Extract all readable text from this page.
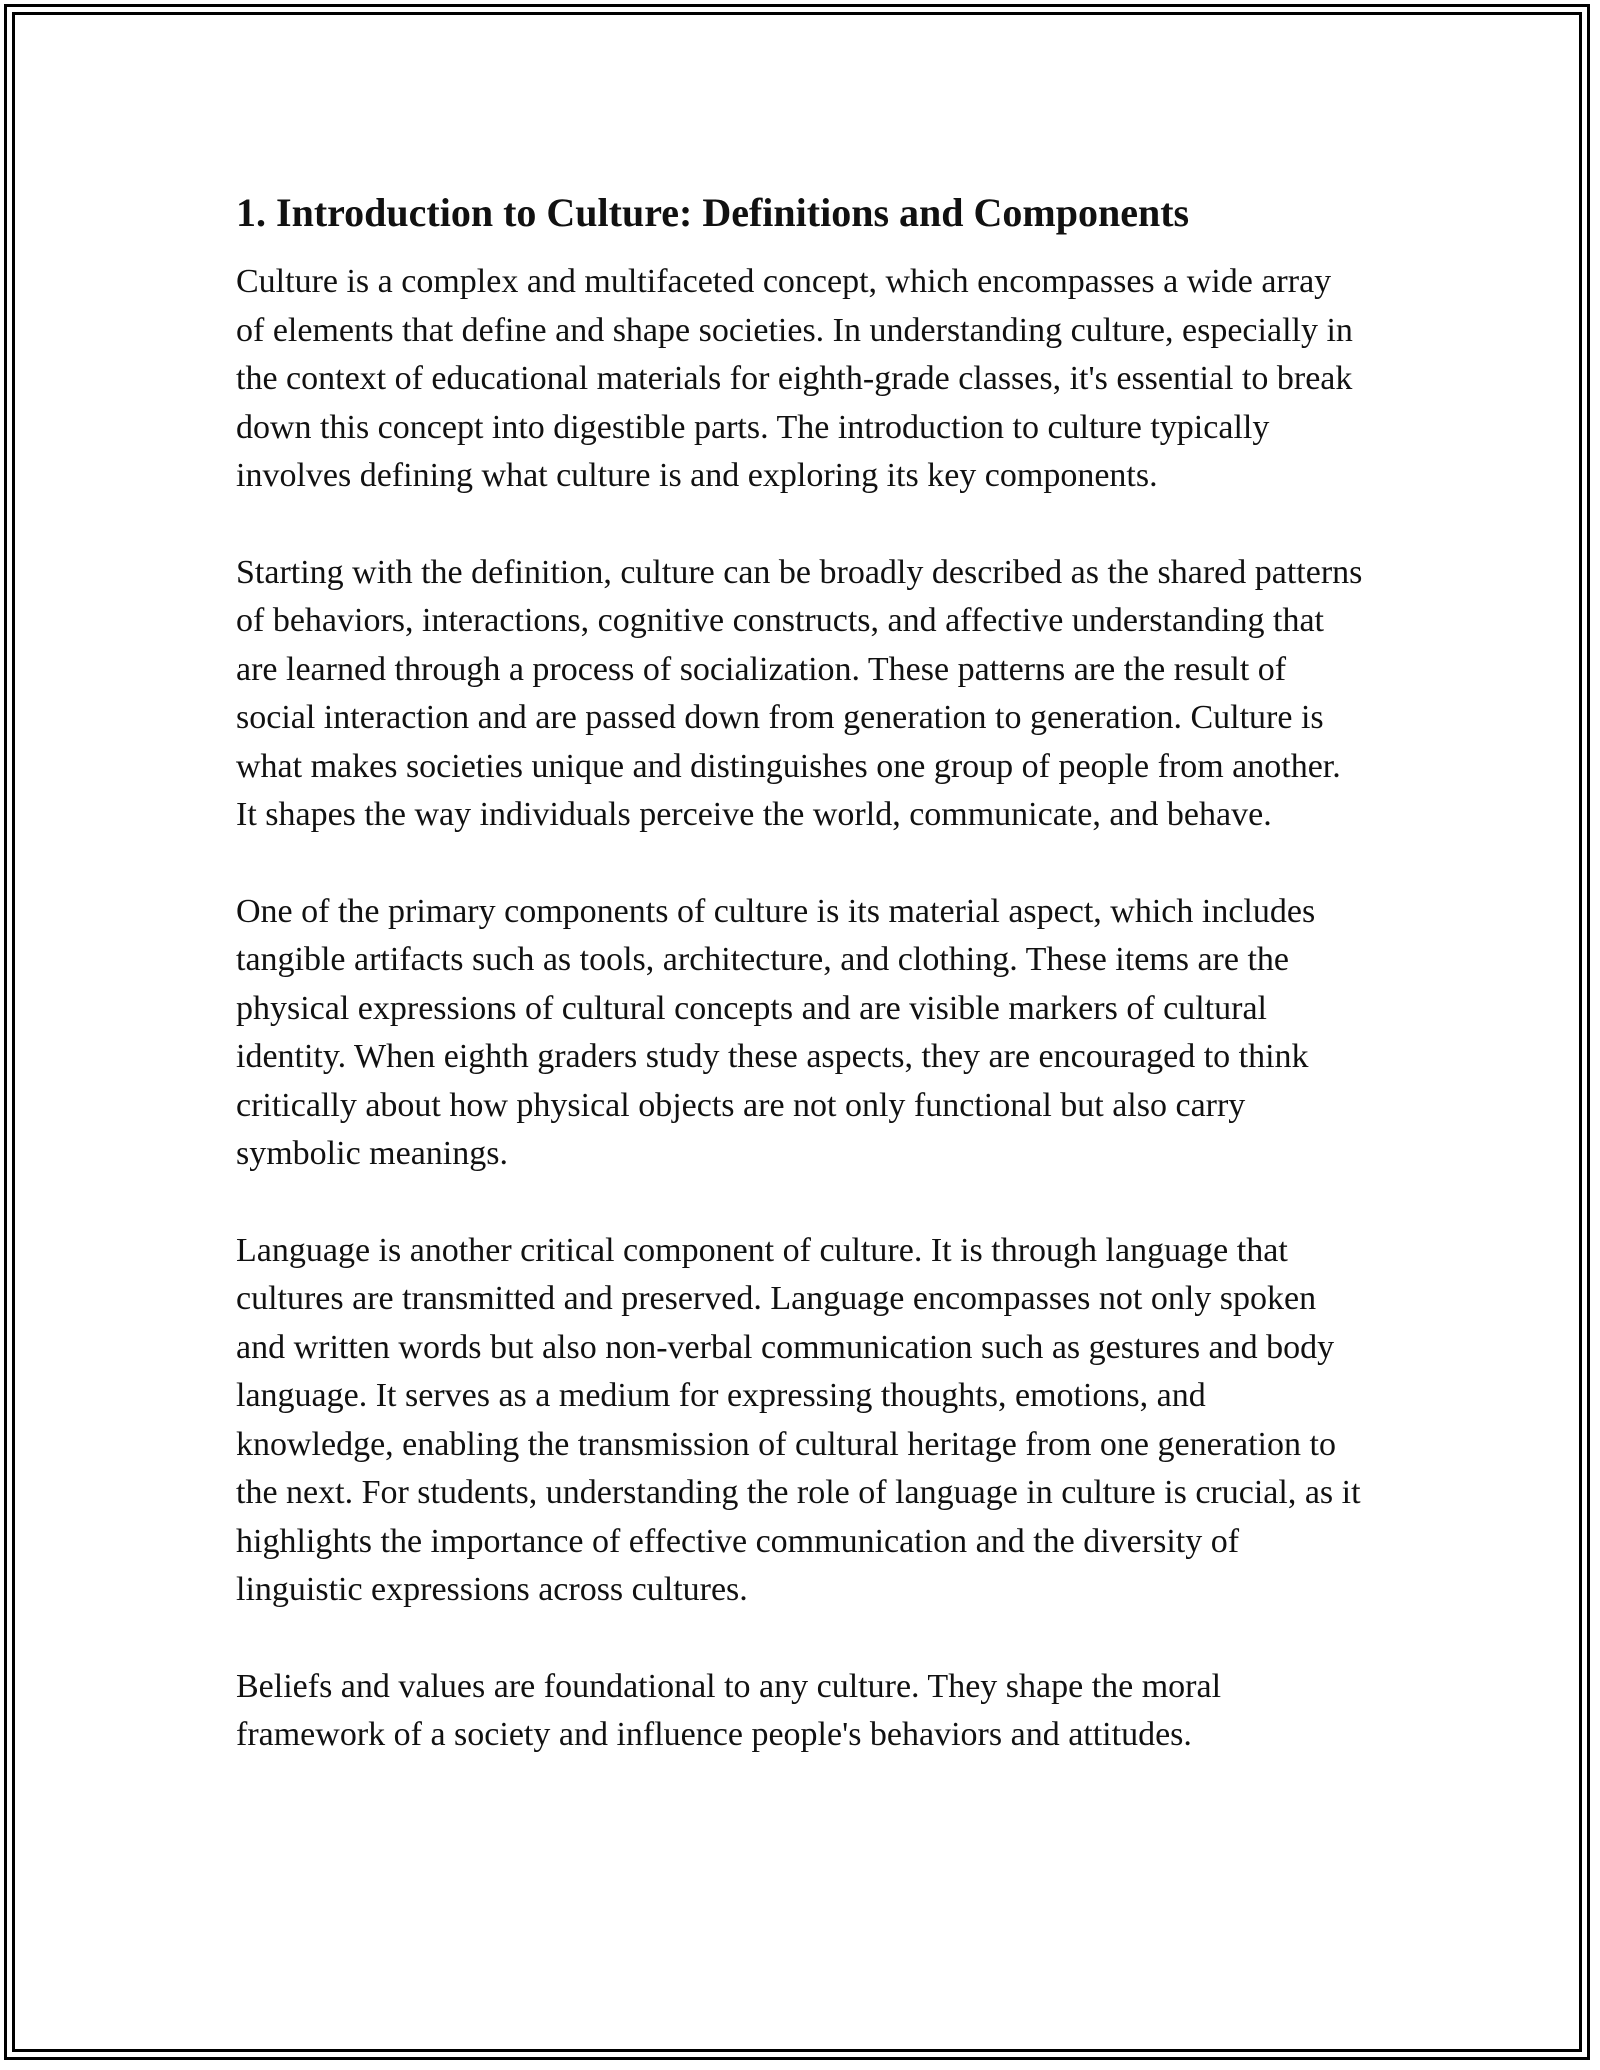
1. Introduction to Culture: Definitions and Components

Culture is a complex and multifaceted concept, which encompasses a wide array of elements that define and shape societies. In understanding culture, especially in the context of educational materials for eighth-grade classes, it's essential to break down this concept into digestible parts. The introduction to culture typically involves defining what culture is and exploring its key components.

Starting with the definition, culture can be broadly described as the shared patterns of behaviors, interactions, cognitive constructs, and affective understanding that are learned through a process of socialization. These patterns are the result of social interaction and are passed down from generation to generation. Culture is what makes societies unique and distinguishes one group of people from another. It shapes the way individuals perceive the world, communicate, and behave.

One of the primary components of culture is its material aspect, which includes tangible artifacts such as tools, architecture, and clothing. These items are the physical expressions of cultural concepts and are visible markers of cultural identity. When eighth graders study these aspects, they are encouraged to think critically about how physical objects are not only functional but also carry symbolic meanings.

Language is another critical component of culture. It is through language that cultures are transmitted and preserved. Language encompasses not only spoken and written words but also non-verbal communication such as gestures and body language. It serves as a medium for expressing thoughts, emotions, and knowledge, enabling the transmission of cultural heritage from one generation to the next. For students, understanding the role of language in culture is crucial, as it highlights the importance of effective communication and the diversity of linguistic expressions across cultures.

Beliefs and values are foundational to any culture. They shape the moral framework of a society and influence people's behaviors and attitudes.
